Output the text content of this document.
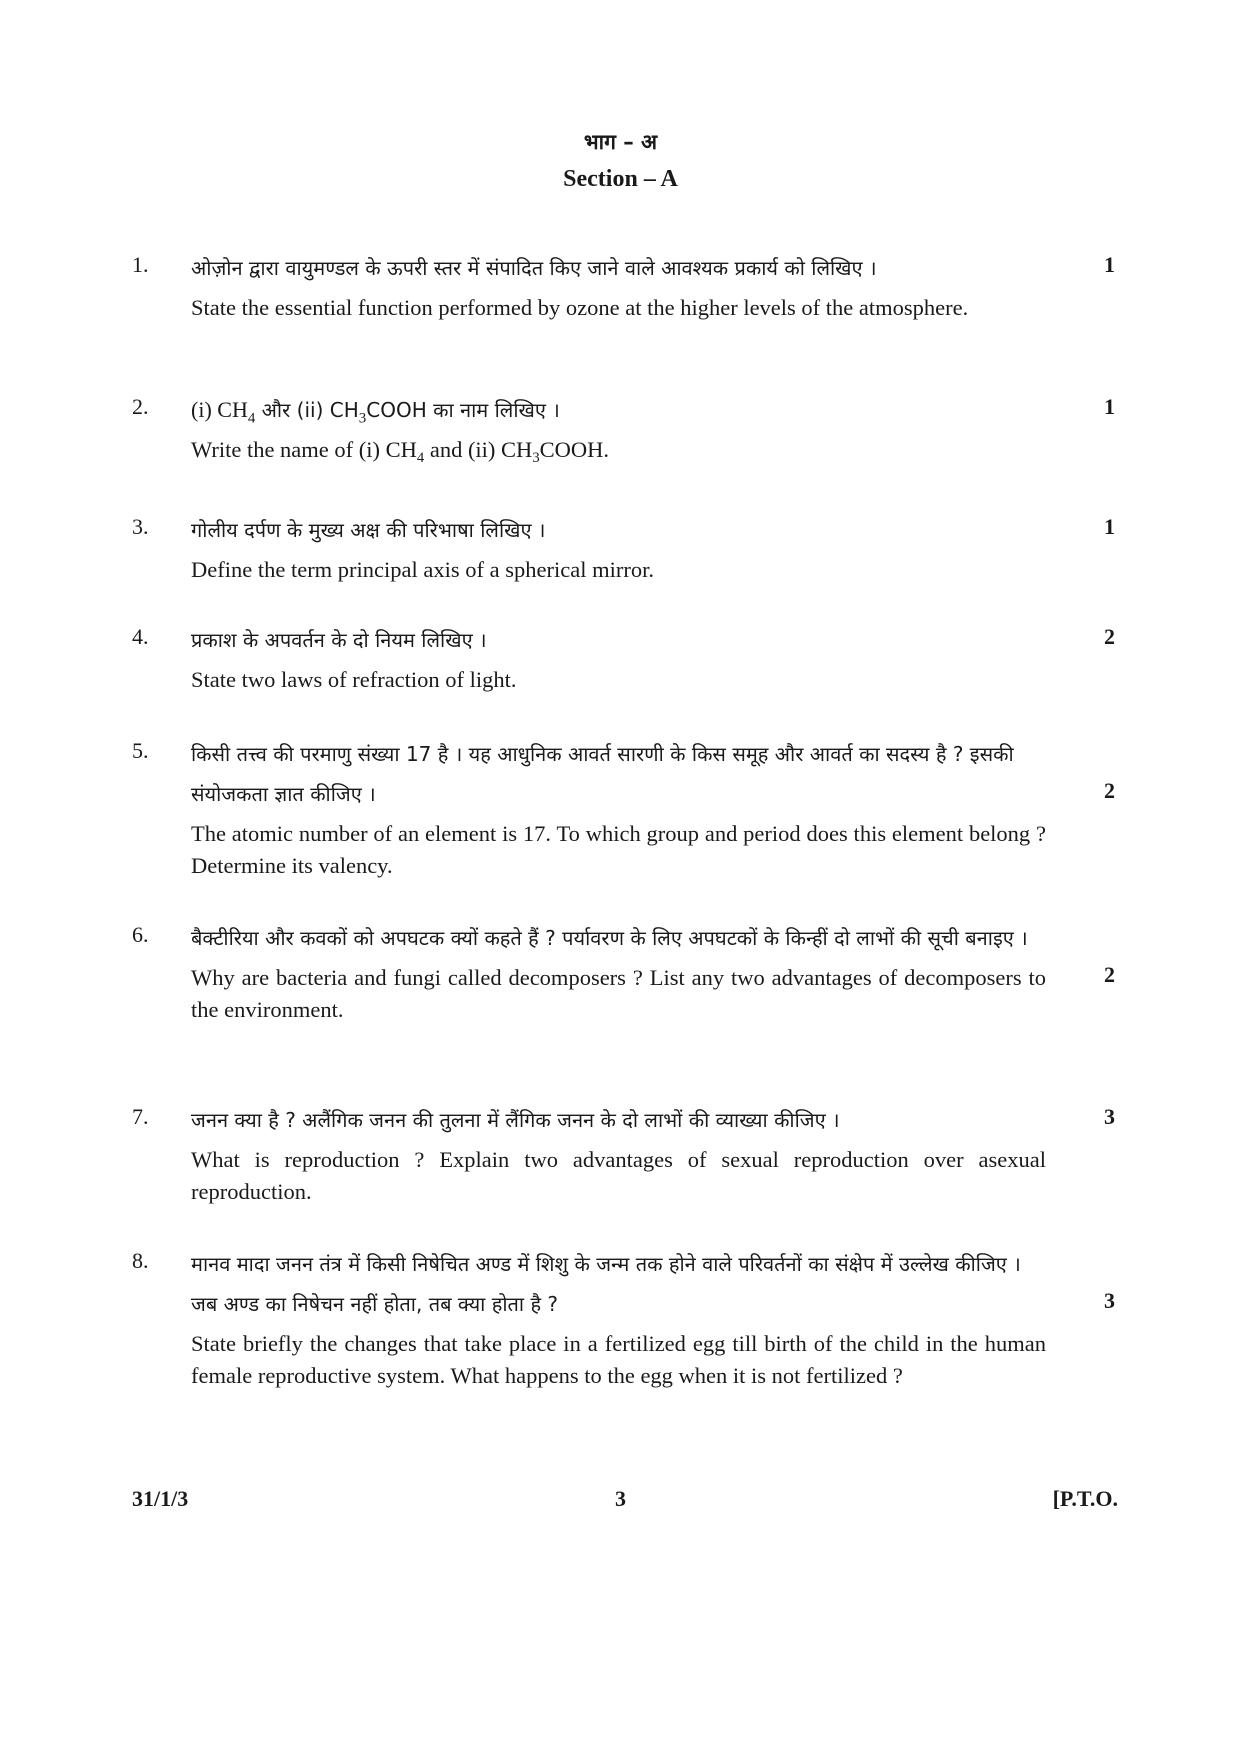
भाग – अ
Section – A
1. ओज़ोन द्वारा वायुमण्डल के ऊपरी स्तर में संपादित किए जाने वाले आवश्यक प्रकार्य को लिखिए ।
State the essential function performed by ozone at the higher levels of the atmosphere.
1
2. (i) $CH_4$ और (ii) $CH_3COOH$ का नाम लिखिए ।
Write the name of (i) $CH_4$ and (ii) $CH_3COOH$.
1
3. गोलीय दर्पण के मुख्य अक्ष की परिभाषा लिखिए ।
Define the term principal axis of a spherical mirror.
1
4. प्रकाश के अपवर्तन के दो नियम लिखिए ।
State two laws of refraction of light.
2
5. किसी तत्त्व की परमाणु संख्या 17 है । यह आधुनिक आवर्त सारणी के किस समूह और आवर्त का सदस्य है ? इसकी संयोजकता ज्ञात कीजिए ।
The atomic number of an element is 17. To which group and period does this element belong ? Determine its valency.
2
6. बैक्टीरिया और कवकों को अपघटक क्यों कहते हैं ? पर्यावरण के लिए अपघटकों के किन्हीं दो लाभों की सूची बनाइए ।
Why are bacteria and fungi called decomposers ? List any two advantages of decomposers to the environment.
2
7. जनन क्या है ? अलैंगिक जनन की तुलना में लैंगिक जनन के दो लाभों की व्याख्या कीजिए ।
What is reproduction ? Explain two advantages of sexual reproduction over asexual reproduction.
3
8. मानव मादा जनन तंत्र में किसी निषेचित अण्ड में शिशु के जन्म तक होने वाले परिवर्तनों का संक्षेप में उल्लेख कीजिए । जब अण्ड का निषेचन नहीं होता, तब क्या होता है ?
State briefly the changes that take place in a fertilized egg till birth of the child in the human female reproductive system. What happens to the egg when it is not fertilized ?
3
31/1/3	3	[P.T.O.
